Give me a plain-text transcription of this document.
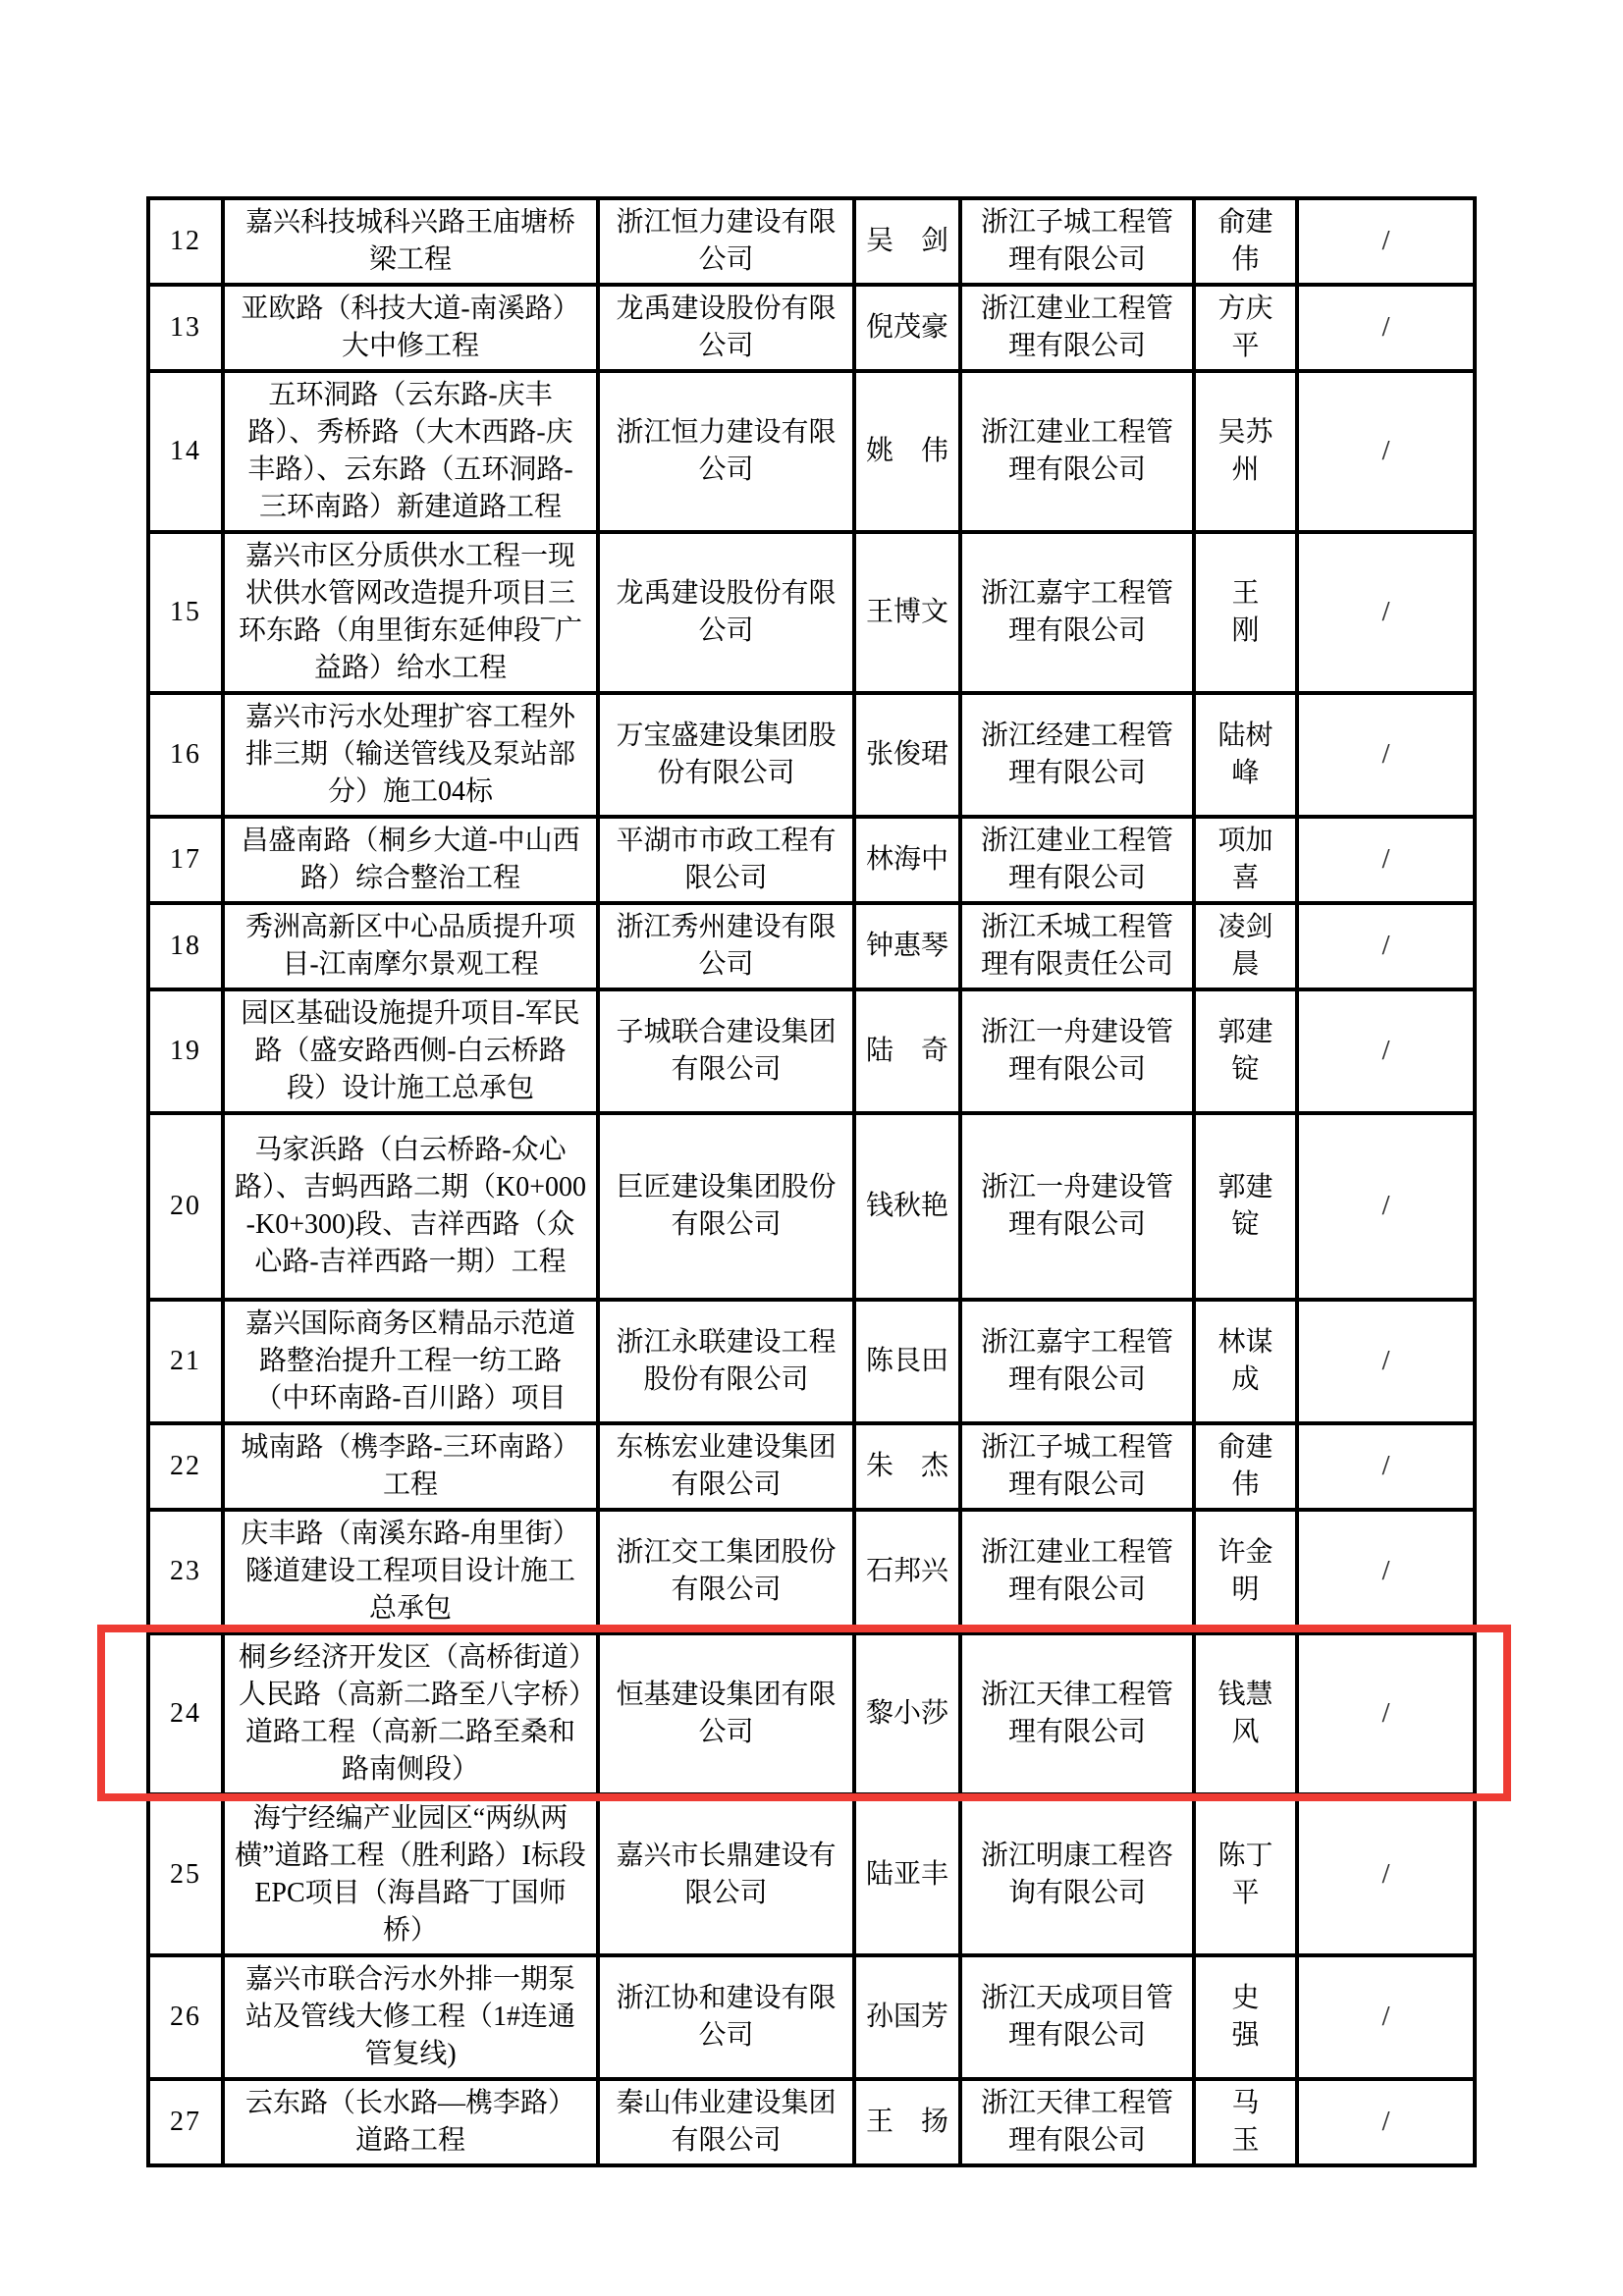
12	嘉兴科技城科兴路王庙塘桥梁工程	浙江恒力建设有限公司	吴　剑	浙江子城工程管理有限公司	俞建伟	/
13	亚欧路（科技大道-南溪路）大中修工程	龙禹建设股份有限公司	倪茂豪	浙江建业工程管理有限公司	方庆平	/
14	五环洞路（云东路-庆丰路）、秀桥路（大木西路-庆丰路）、云东路（五环洞路-三环南路）新建道路工程	浙江恒力建设有限公司	姚　伟	浙江建业工程管理有限公司	吴苏州	/
15	嘉兴市区分质供水工程一现状供水管网改造提升项目三环东路（甪里街东延伸段¯广益路）给水工程	龙禹建设股份有限公司	王博文	浙江嘉宇工程管理有限公司	王　刚	/
16	嘉兴市污水处理扩容工程外排三期（输送管线及泵站部分）施工04标	万宝盛建设集团股份有限公司	张俊珺	浙江经建工程管理有限公司	陆树峰	/
17	昌盛南路（桐乡大道-中山西路）综合整治工程	平湖市市政工程有限公司	林海中	浙江建业工程管理有限公司	项加喜	/
18	秀洲高新区中心品质提升项目-江南摩尔景观工程	浙江秀州建设有限公司	钟惠琴	浙江禾城工程管理有限责任公司	凌剑晨	/
19	园区基础设施提升项目-军民路（盛安路西侧-白云桥路段）设计施工总承包	子城联合建设集团有限公司	陆　奇	浙江一舟建设管理有限公司	郭建锭	/
20	马家浜路（白云桥路-众心路）、吉蚂西路二期（K0+000-K0+300)段、吉祥西路（众心路-吉祥西路一期）工程	巨匠建设集团股份有限公司	钱秋艳	浙江一舟建设管理有限公司	郭建锭	/
21	嘉兴国际商务区精品示范道路整治提升工程一纺工路（中环南路-百川路）项目	浙江永联建设工程股份有限公司	陈艮田	浙江嘉宇工程管理有限公司	林谋成	/
22	城南路（槜李路-三环南路）工程	东栋宏业建设集团有限公司	朱　杰	浙江子城工程管理有限公司	俞建伟	/
23	庆丰路（南溪东路-甪里街）隧道建设工程项目设计施工总承包	浙江交工集团股份有限公司	石邦兴	浙江建业工程管理有限公司	许金明	/
24	桐乡经济开发区（高桥街道）人民路（高新二路至八字桥）道路工程（高新二路至桑和路南侧段）	恒基建设集团有限公司	黎小莎	浙江天律工程管理有限公司	钱慧风	/
25	海宁经编产业园区“两纵两横”道路工程（胜利路）I标段EPC项目（海昌路¯丁国师桥）	嘉兴市长鼎建设有限公司	陆亚丰	浙江明康工程咨询有限公司	陈丁平	/
26	嘉兴市联合污水外排一期泵站及管线大修工程（1#连通管复线)	浙江协和建设有限公司	孙国芳	浙江天成项目管理有限公司	史　强	/
27	云东路（长水路—槜李路）道路工程	秦山伟业建设集团有限公司	王　扬	浙江天律工程管理有限公司	马　玉	/
